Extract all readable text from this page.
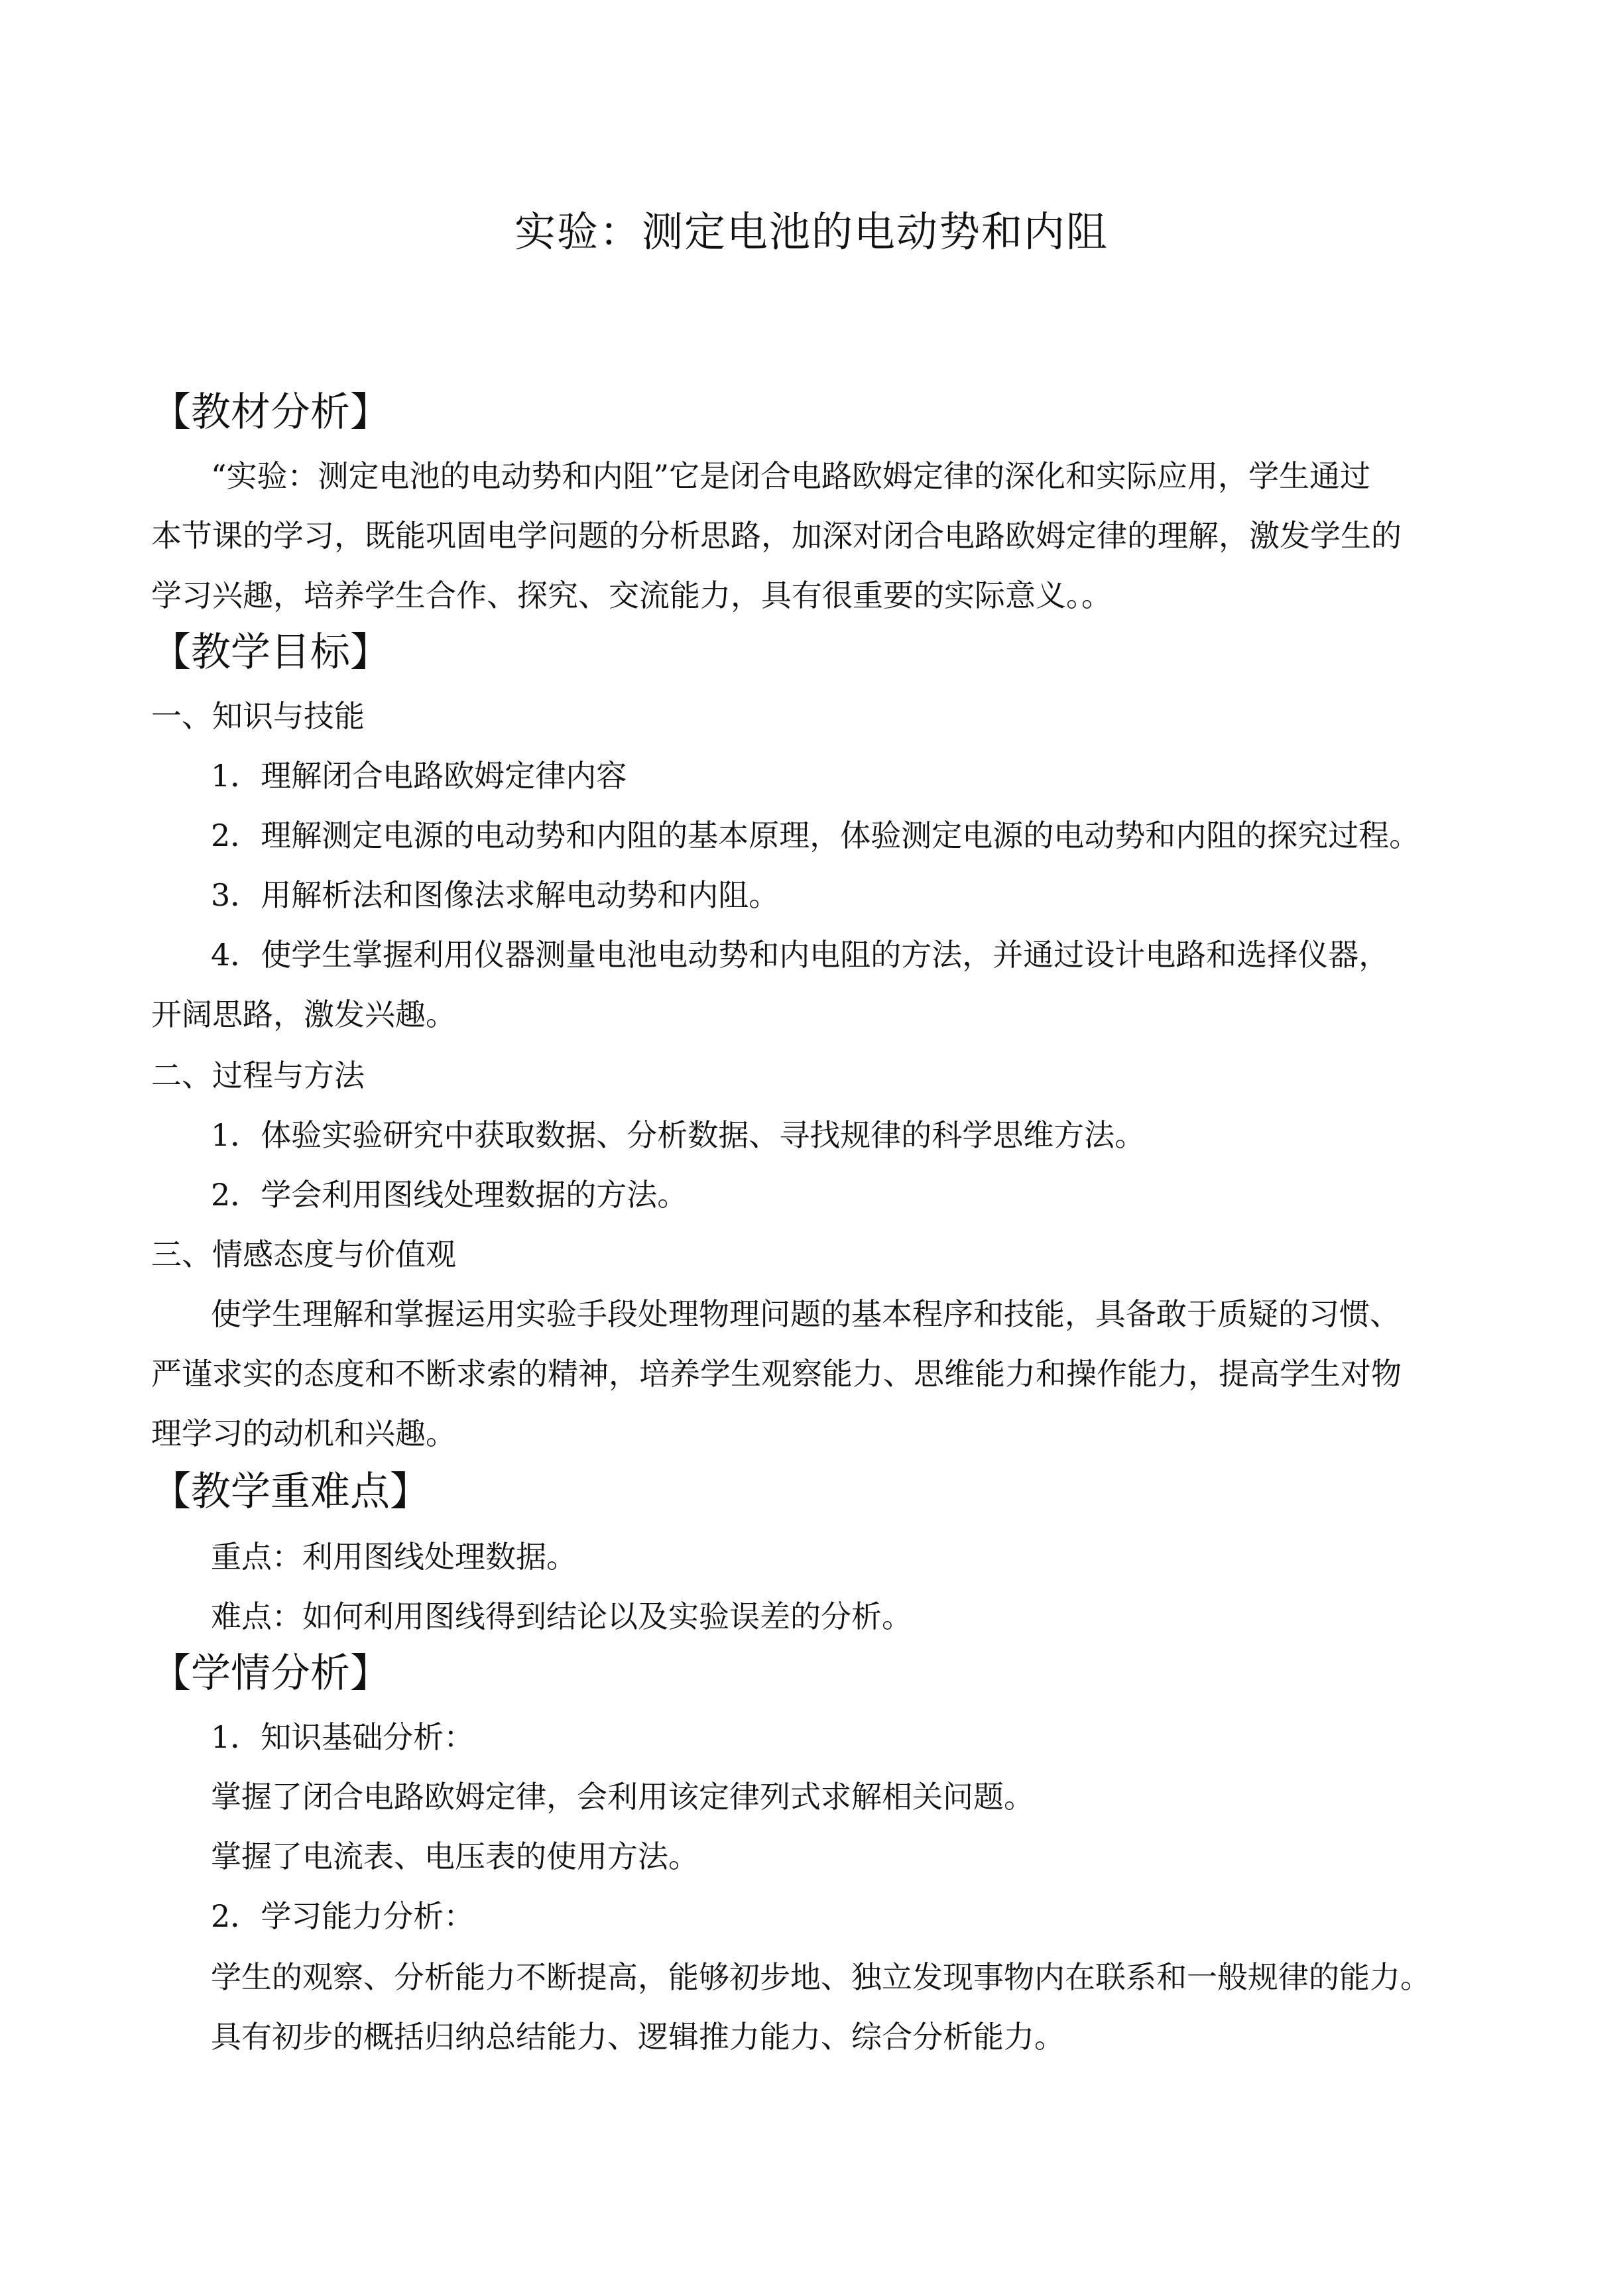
实验：测定电池的电动势和内阻
【教材分析】
“实验：测定电池的电动势和内阻”它是闭合电路欧姆定律的深化和实际应用，学生通过
本节课的学习，既能巩固电学问题的分析思路，加深对闭合电路欧姆定律的理解，激发学生的
学习兴趣，培养学生合作、探究、交流能力，具有很重要的实际意义。。
【教学目标】
一、知识与技能
1．理解闭合电路欧姆定律内容
2．理解测定电源的电动势和内阻的基本原理，体验测定电源的电动势和内阻的探究过程。
3．用解析法和图像法求解电动势和内阻。
4．使学生掌握利用仪器测量电池电动势和内电阻的方法，并通过设计电路和选择仪器，
开阔思路，激发兴趣。
二、过程与方法
1．体验实验研究中获取数据、分析数据、寻找规律的科学思维方法。
2．学会利用图线处理数据的方法。
三、情感态度与价值观
使学生理解和掌握运用实验手段处理物理问题的基本程序和技能，具备敢于质疑的习惯、
严谨求实的态度和不断求索的精神，培养学生观察能力、思维能力和操作能力，提高学生对物
理学习的动机和兴趣。
【教学重难点】
重点：利用图线处理数据。
难点：如何利用图线得到结论以及实验误差的分析。
【学情分析】
1．知识基础分析：
掌握了闭合电路欧姆定律，会利用该定律列式求解相关问题。
掌握了电流表、电压表的使用方法。
2．学习能力分析：
学生的观察、分析能力不断提高，能够初步地、独立发现事物内在联系和一般规律的能力。
具有初步的概括归纳总结能力、逻辑推力能力、综合分析能力。
